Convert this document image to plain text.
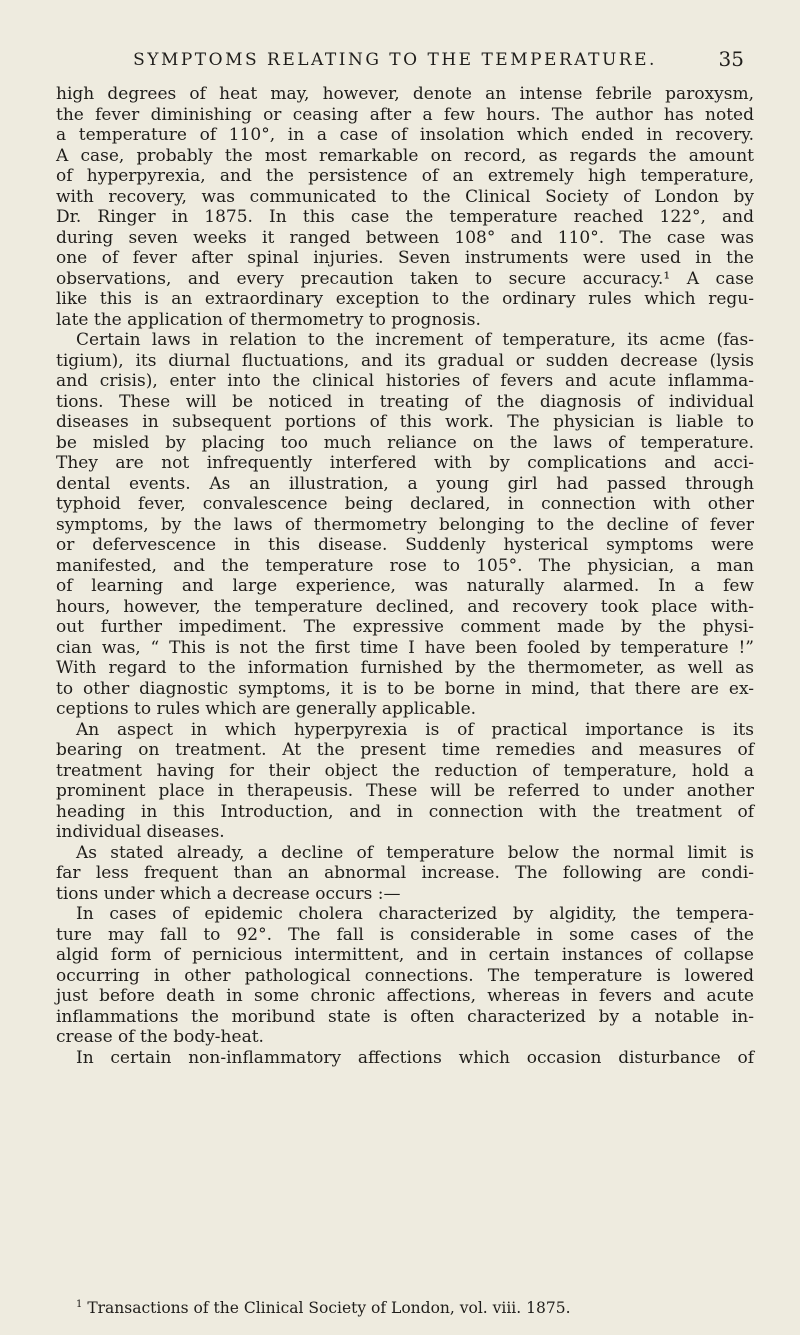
SYMPTOMS RELATING TO THE TEMPERATURE.	35
high degrees of heat may, however, denote an intense febrile paroxysm,
the fever diminishing or ceasing after a few hours. The author has noted
a temperature of 110°, in a case of insolation which ended in recovery.
A case, probably the most remarkable on record, as regards the amount
of hyperpyrexia, and the persistence of an extremely high temperature,
with recovery, was communicated to the Clinical Society of London by
Dr. Ringer in 1875. In this case the temperature reached 122°, and
during seven weeks it ranged between 108° and 110°. The case was
one of fever after spinal injuries. Seven instruments were used in the
observations, and every precaution taken to secure accuracy.¹ A case
like this is an extraordinary exception to the ordinary rules which regu-
late the application of thermometry to prognosis.
Certain laws in relation to the increment of temperature, its acme (fas-
tigium), its diurnal fluctuations, and its gradual or sudden decrease (lysis
and crisis), enter into the clinical histories of fevers and acute inflamma-
tions. These will be noticed in treating of the diagnosis of individual
diseases in subsequent portions of this work. The physician is liable to
be misled by placing too much reliance on the laws of temperature.
They are not infrequently interfered with by complications and acci-
dental events. As an illustration, a young girl had passed through
typhoid fever, convalescence being declared, in connection with other
symptoms, by the laws of thermometry belonging to the decline of fever
or defervescence in this disease. Suddenly hysterical symptoms were
manifested, and the temperature rose to 105°. The physician, a man
of learning and large experience, was naturally alarmed. In a few
hours, however, the temperature declined, and recovery took place with-
out further impediment. The expressive comment made by the physi-
cian was, “ This is not the first time I have been fooled by temperature !”
With regard to the information furnished by the thermometer, as well as
to other diagnostic symptoms, it is to be borne in mind, that there are ex-
ceptions to rules which are generally applicable.
An aspect in which hyperpyrexia is of practical importance is its
bearing on treatment. At the present time remedies and measures of
treatment having for their object the reduction of temperature, hold a
prominent place in therapeusis. These will be referred to under another
heading in this Introduction, and in connection with the treatment of
individual diseases.
As stated already, a decline of temperature below the normal limit is
far less frequent than an abnormal increase. The following are condi-
tions under which a decrease occurs :—
In cases of epidemic cholera characterized by algidity, the tempera-
ture may fall to 92°. The fall is considerable in some cases of the
algid form of pernicious intermittent, and in certain instances of collapse
occurring in other pathological connections. The temperature is lowered
just before death in some chronic affections, whereas in fevers and acute
inflammations the moribund state is often characterized by a notable in-
crease of the body-heat.
In certain non-inflammatory affections which occasion disturbance of
$^1$ Transactions of the Clinical Society of London, vol. viii. 1875.
